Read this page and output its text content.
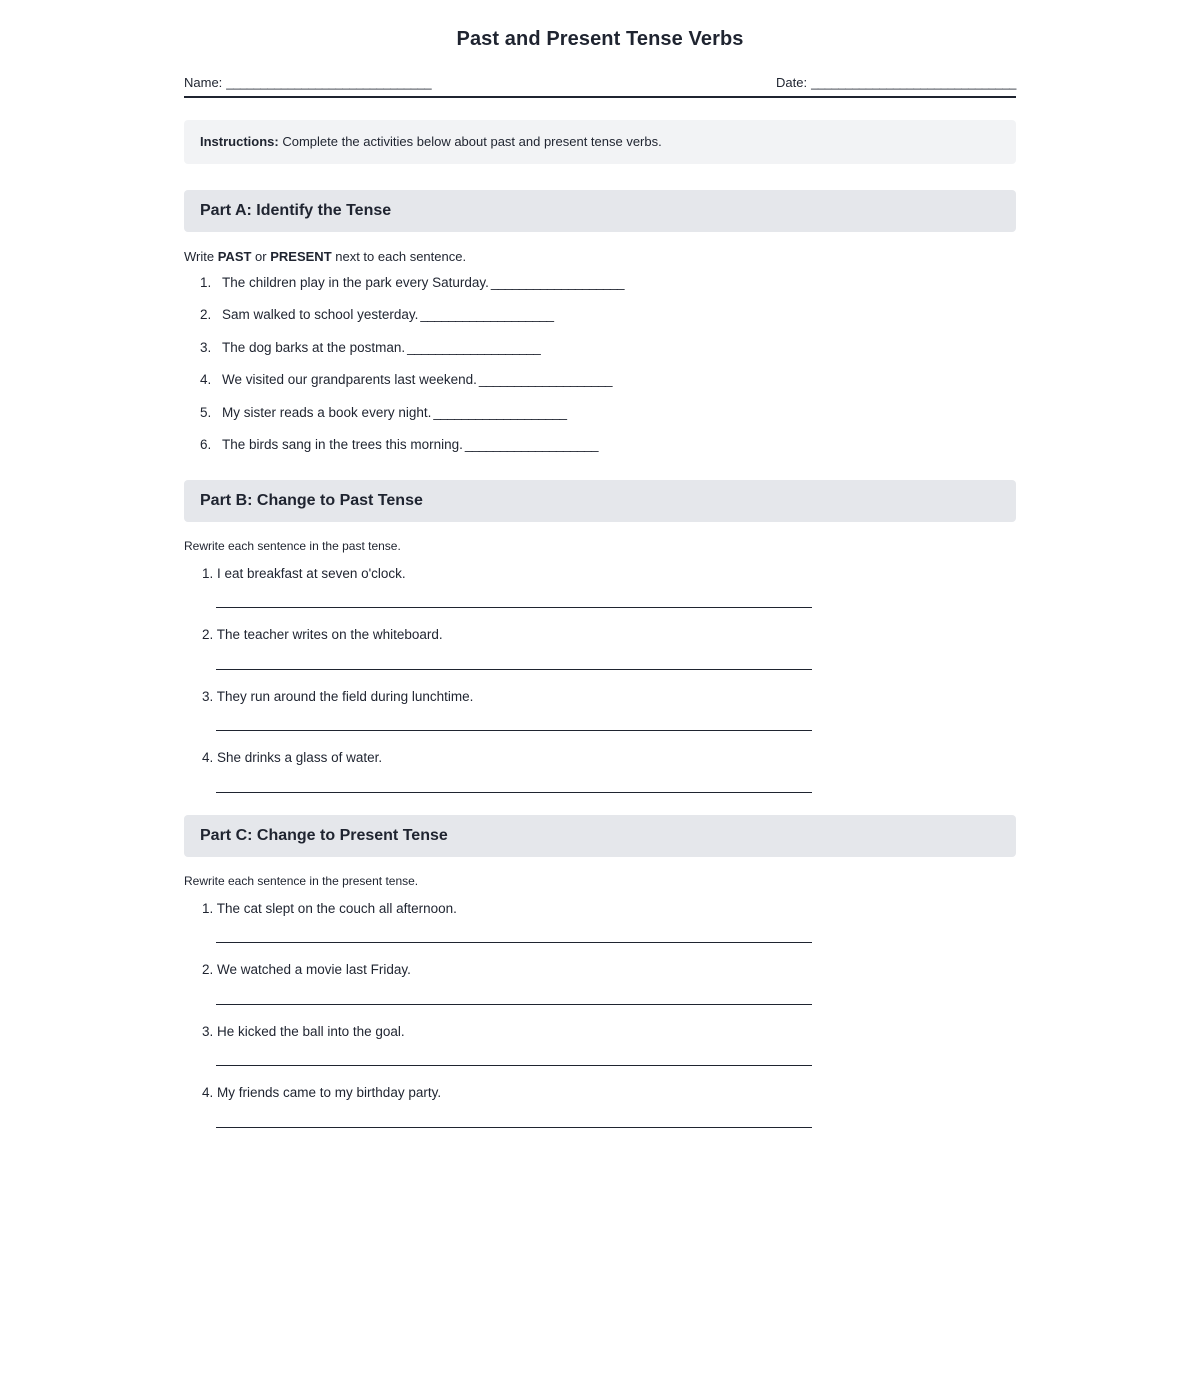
Past and Present Tense Verbs
Name: ______________________________	Date: ______________________________
Instructions: Complete the activities below about past and present tense verbs.
Part A: Identify the Tense

Write PAST or PRESENT next to each sentence.

1. The children play in the park every Saturday. ___________________
2. Sam walked to school yesterday. ___________________
3. The dog barks at the postman. ___________________
4. We visited our grandparents last weekend. ___________________
5. My sister reads a book every night. ___________________
6. The birds sang in the trees this morning. ___________________
Part B: Change to Past Tense

Rewrite each sentence in the past tense.

1. I eat breakfast at seven o'clock.
2. The teacher writes on the whiteboard.
3. They run around the field during lunchtime.
4. She drinks a glass of water.
Part C: Change to Present Tense

Rewrite each sentence in the present tense.

1. The cat slept on the couch all afternoon.
2. We watched a movie last Friday.
3. He kicked the ball into the goal.
4. My friends came to my birthday party.
